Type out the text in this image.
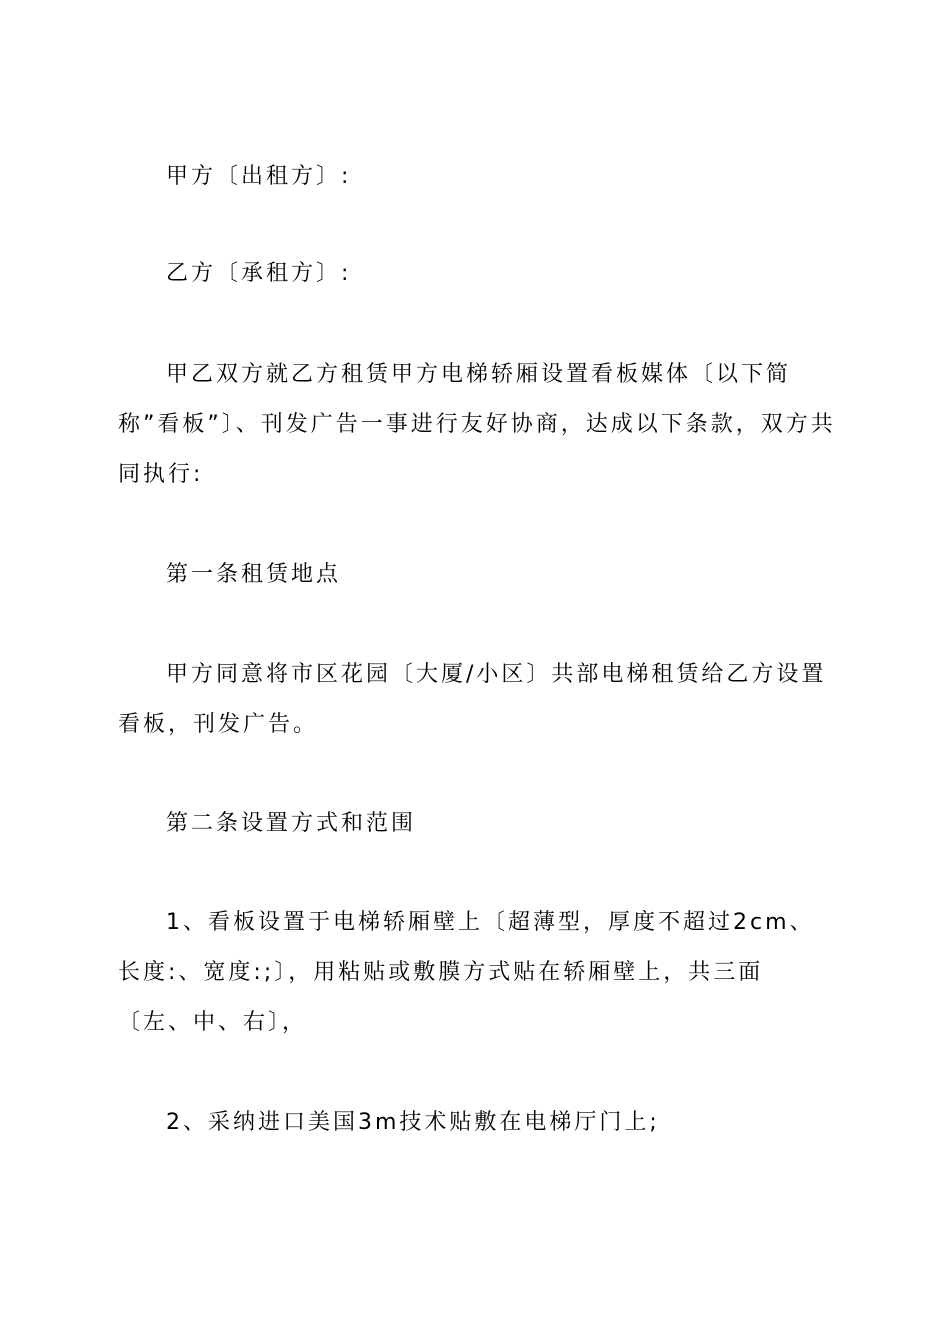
甲方〔出租方〕:

乙方〔承租方〕:

甲乙双方就乙方租赁甲方电梯轿厢设置看板媒体〔以下简称”看板”〕、刊发广告一事进行友好协商，达成以下条款，双方共同执行:

第一条租赁地点

甲方同意将市区花园〔大厦/小区〕共部电梯租赁给乙方设置看板，刊发广告。

第二条设置方式和范围

1、看板设置于电梯轿厢壁上〔超薄型，厚度不超过2cm、长度:、宽度:;〕，用粘贴或敷膜方式贴在轿厢壁上，共三面〔左、中、右〕，

2、采纳进口美国3m技术贴敷在电梯厅门上;
